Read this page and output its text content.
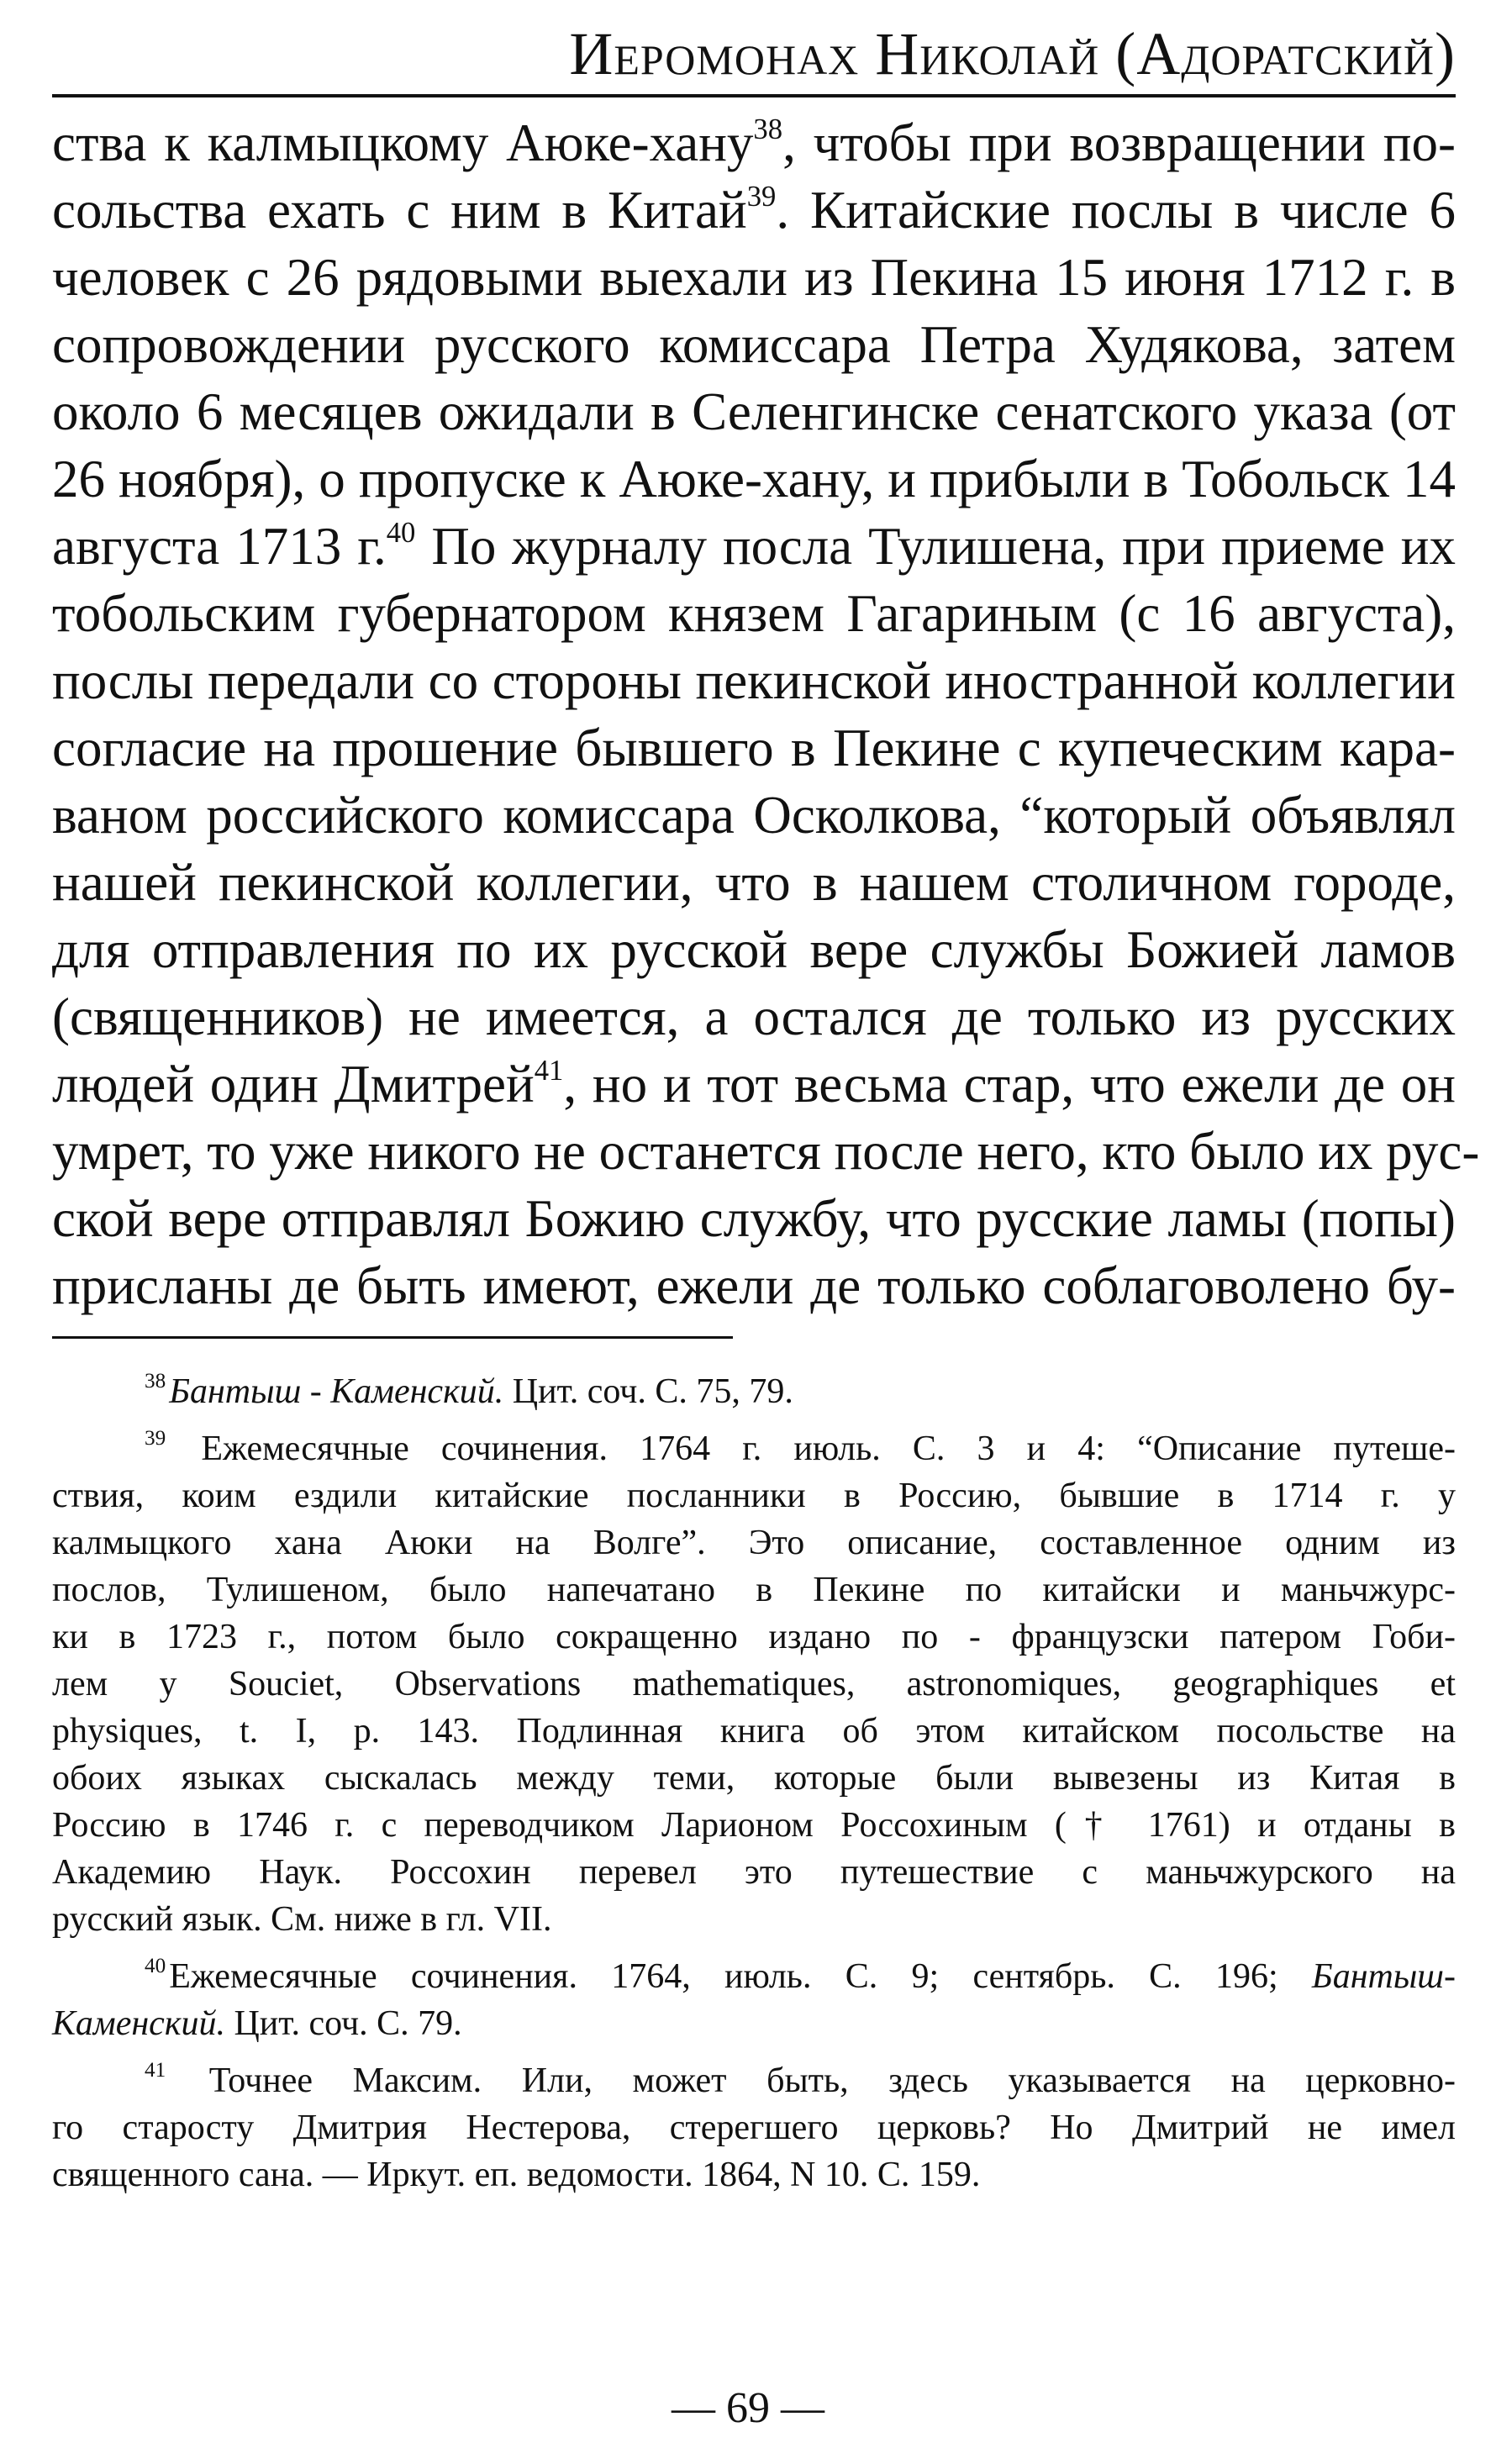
Иеромонах Николай (Адоратский)
ства к калмыцкому Аюке-хану$^{38}$, чтобы при возвращении по-
сольства ехать с ним в Китай$^{39}$. Китайские послы в числе 6
человек с 26 рядовыми выехали из Пекина 15 июня 1712 г. в
сопровождении русского комиссара Петра Худякова, затем
около 6 месяцев ожидали в Селенгинске сенатского указа (от
26 ноября), о пропуске к Аюке-хану, и прибыли в Тобольск 14
августа 1713 г.$^{40}$ По журналу посла Тулишена, при приеме их
тобольским губернатором князем Гагариным (с 16 августа),
послы передали со стороны пекинской иностранной коллегии
согласие на прошение бывшего в Пекине с купеческим кара-
ваном российского комиссара Осколкова, “который объявлял
нашей пекинской коллегии, что в нашем столичном городе,
для отправления по их русской вере службы Божией ламов
(священников) не имеется, а остался де только из русских
людей один Дмитрей$^{41}$, но и тот весьма стар, что ежели де он
умрет, то уже никого не останется после него, кто было их рус-
ской вере отправлял Божию службу, что русские ламы (попы)
присланы де быть имеют, ежели де только соблаговолено бу-
$^{38}$Бантыш - Каменский. Цит. соч. С. 75, 79.
$^{39}$ Ежемесячные сочинения. 1764 г. июль. С. 3 и 4: “Описание путеше-
ствия, коим ездили китайские посланники в Россию, бывшие в 1714 г. у
калмыцкого хана Аюки на Волге”. Это описание, составленное одним из
послов, Тулишеном, было напечатано в Пекине по китайски и маньчжурс-
ки в 1723 г., потом было сокращенно издано по - французски патером Гоби-
лем у Souciet, Observations mathematiques, astronomiques, geographiques et
physiques, t. I, p. 143. Подлинная книга об этом китайском посольстве на
обоих языках сыскалась между теми, которые были вывезены из Китая в
Россию в 1746 г. с переводчиком Ларионом Россохиным († 1761) и отданы в
Академию Наук. Россохин перевел это путешествие с маньчжурского на
русский язык. См. ниже в гл. VII.
$^{40}$Ежемесячные сочинения. 1764, июль. С. 9; сентябрь. С. 196; Бантыш-
Каменский. Цит. соч. С. 79.
$^{41}$ Точнее Максим. Или, может быть, здесь указывается на церковно-
го старосту Дмитрия Нестерова, стерегшего церковь? Но Дмитрий не имел
священного сана. — Иркут. еп. ведомости. 1864, N 10. С. 159.
— 69 —
